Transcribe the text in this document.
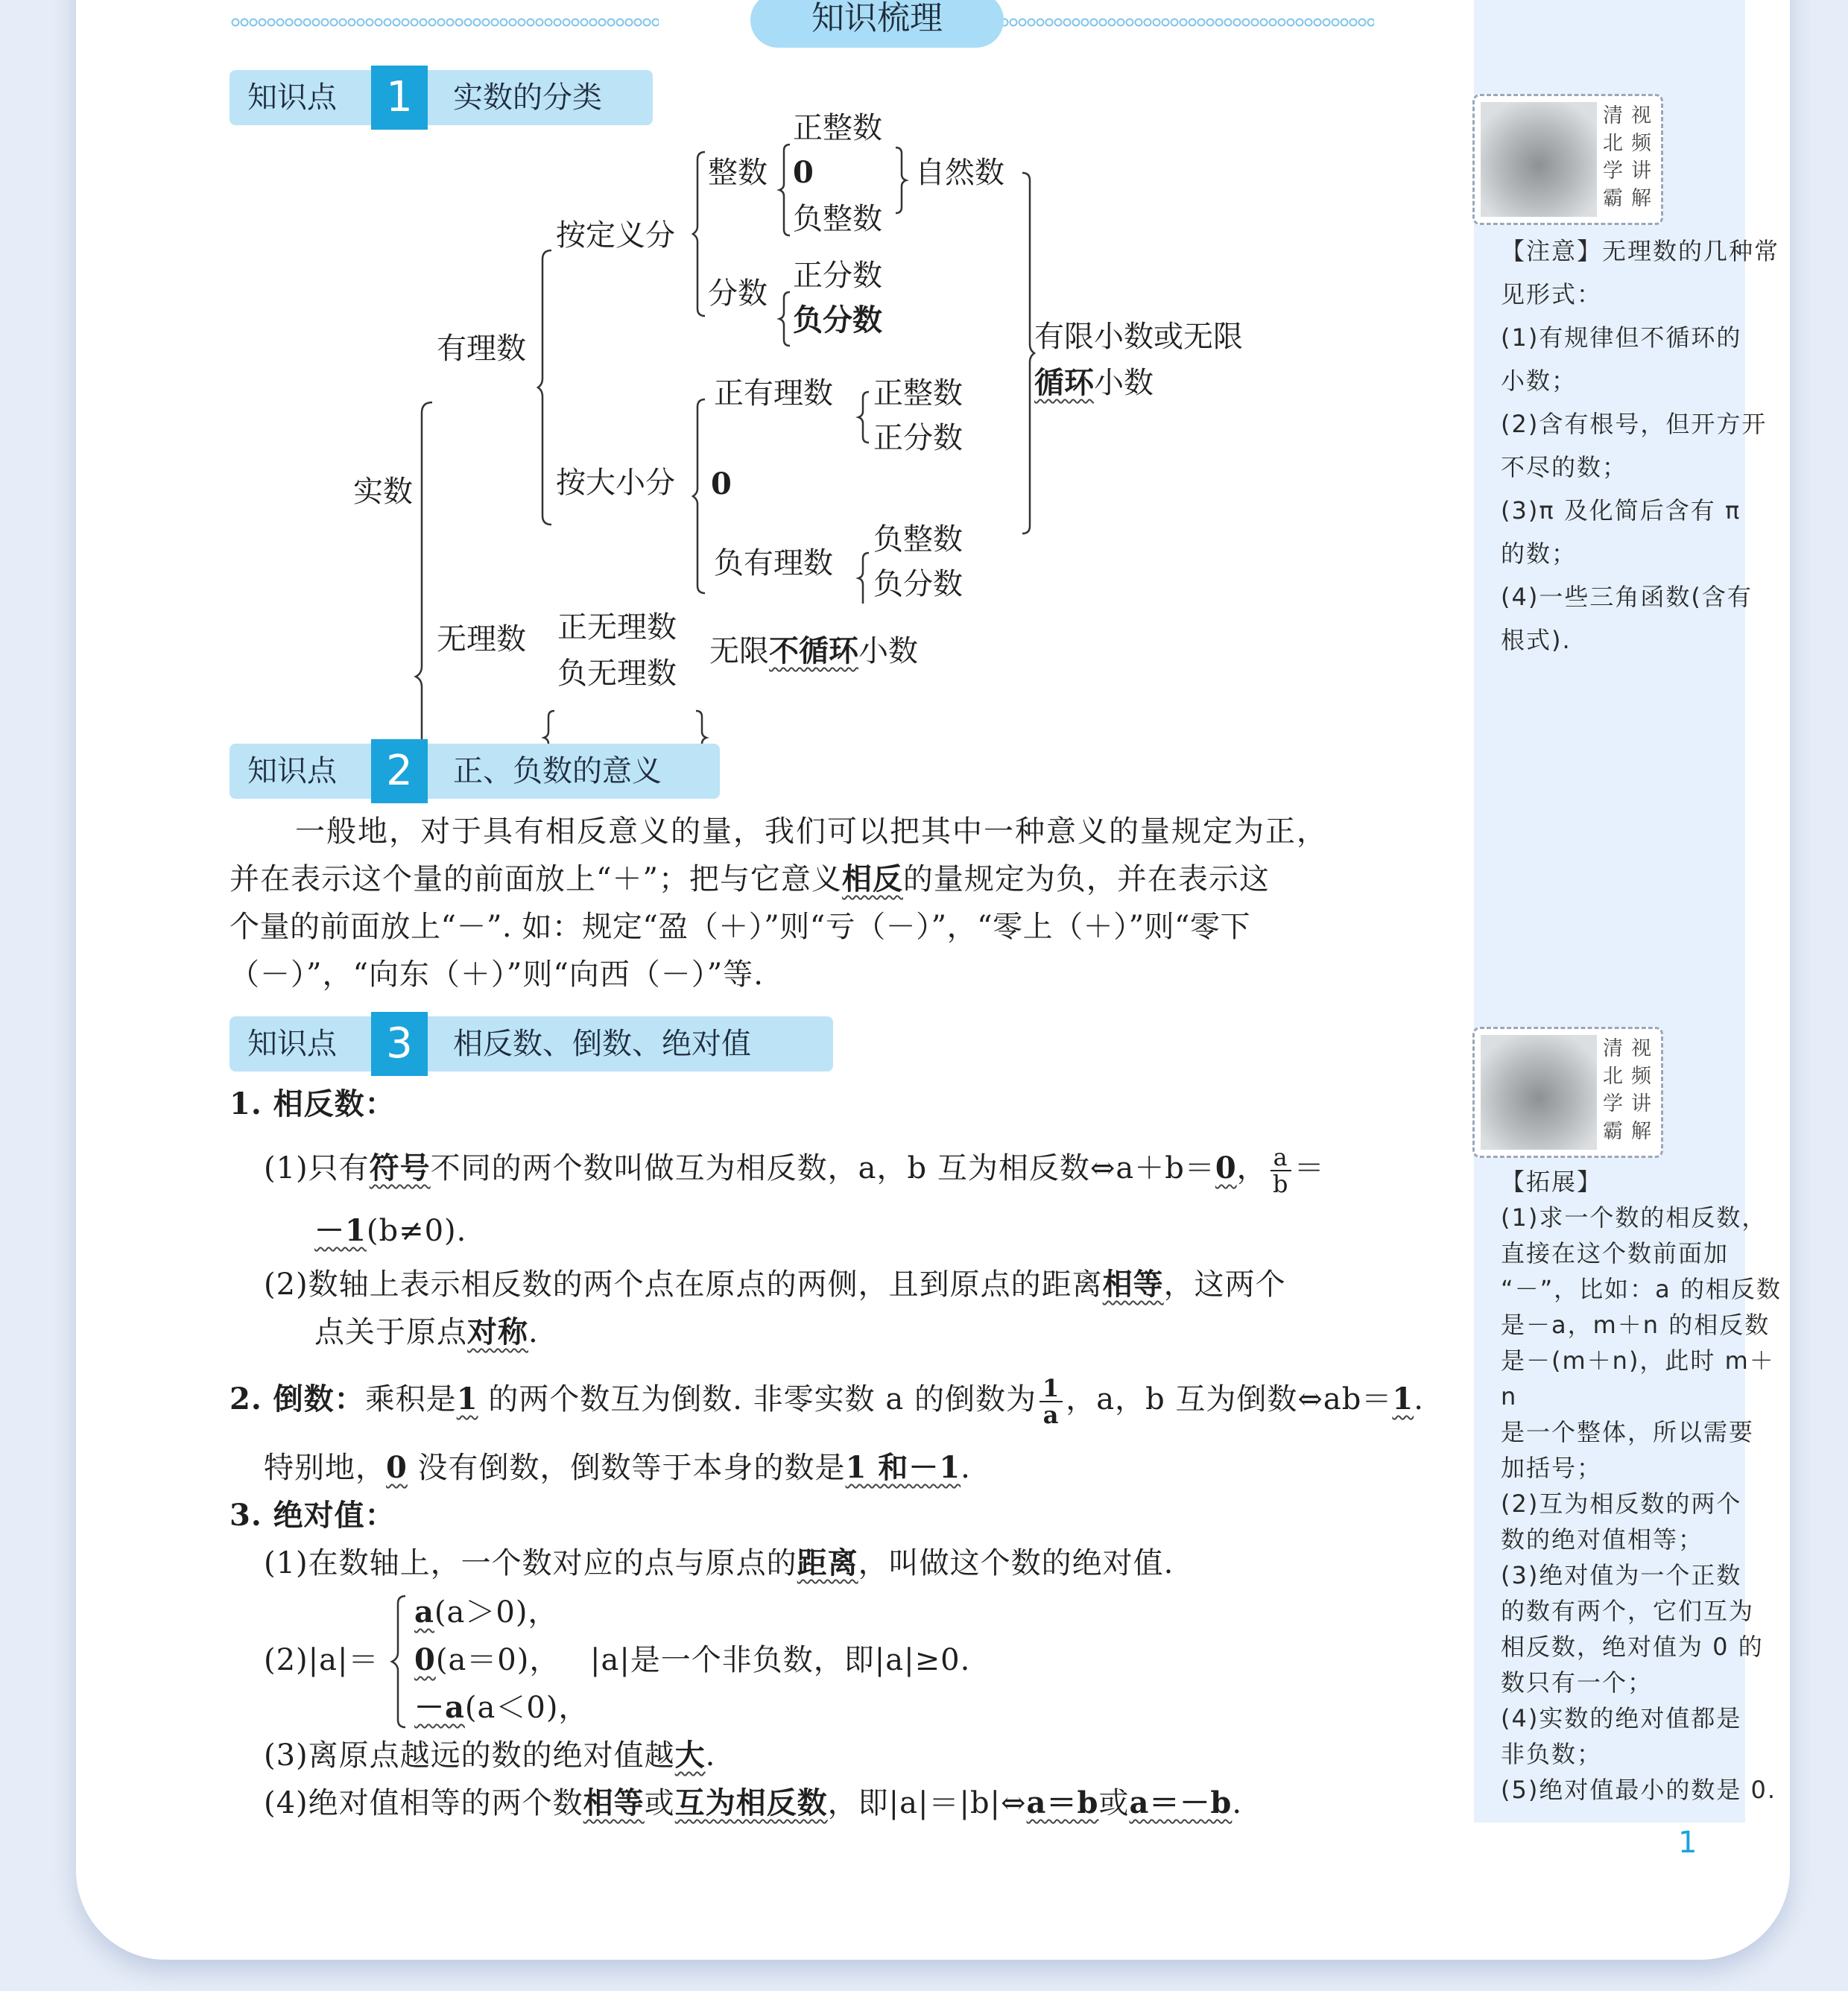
知识梳理
知识点	1	实数的分类
实数
有理数
无理数
按定义分
按大小分
整数
分数
正整数
0
负整数
自然数
正分数
负分数	有限小数或无限
循环小数
正有理数
0
负有理数
正整数
正分数
负整数
负分数
正无理数
负无理数
无限不循环小数
知识点	2	正、负数的意义
一般地，对于具有相反意义的量，我们可以把其中一种意义的量规定为正，
并在表示这个量的前面放上“＋”；把与它意义相反的量规定为负，并在表示这
个量的前面放上“－”. 如：规定“盈（＋）”则“亏（－）”，“零上（＋）”则“零下
（－）”，“向东（＋）”则“向西（－）”等.
知识点	3	相反数、倒数、绝对值
1. 相反数：
(1)只有符号不同的两个数叫做互为相反数，a，b 互为相反数⇔a＋b＝0， $\frac{a}{b}$ ＝
－1(b≠0).
(2)数轴上表示相反数的两个点在原点的两侧，且到原点的距离相等，这两个
点关于原点对称.
2. 倒数：乘积是1 的两个数互为倒数. 非零实数 a 的倒数为 $\frac{1}{a}$ ，a，b 互为倒数⇔ab＝1.
特别地，0 没有倒数，倒数等于本身的数是1 和－1.
3. 绝对值：
(1)在数轴上，一个数对应的点与原点的距离，叫做这个数的绝对值.
(2)|a|＝
a(a＞0)，
0(a＝0)，
－a(a＜0)，
|a|是一个非负数，即|a|≥0.
(3)离原点越远的数的绝对值越大.
(4)绝对值相等的两个数相等或互为相反数，即|a|＝|b|⇔a＝b或a＝－b.
清
北
学
霸
视
频
讲
解
【注意】无理数的几种常
见形式：
(1)有规律但不循环的
小数；
(2)含有根号，但开方开
不尽的数；
(3)π 及化简后含有 π
的数；
(4)一些三角函数(含有
根式).
清
北
学
霸
视
频
讲
解
【拓展】
(1)求一个数的相反数，
直接在这个数前面加
“－”，比如：a 的相反数
是－a，m＋n 的相反数
是－(m＋n)，此时 m＋n
是一个整体，所以需要
加括号；
(2)互为相反数的两个
数的绝对值相等；
(3)绝对值为一个正数
的数有两个，它们互为
相反数，绝对值为 0 的
数只有一个；
(4)实数的绝对值都是
非负数；
(5)绝对值最小的数是 0.
1
